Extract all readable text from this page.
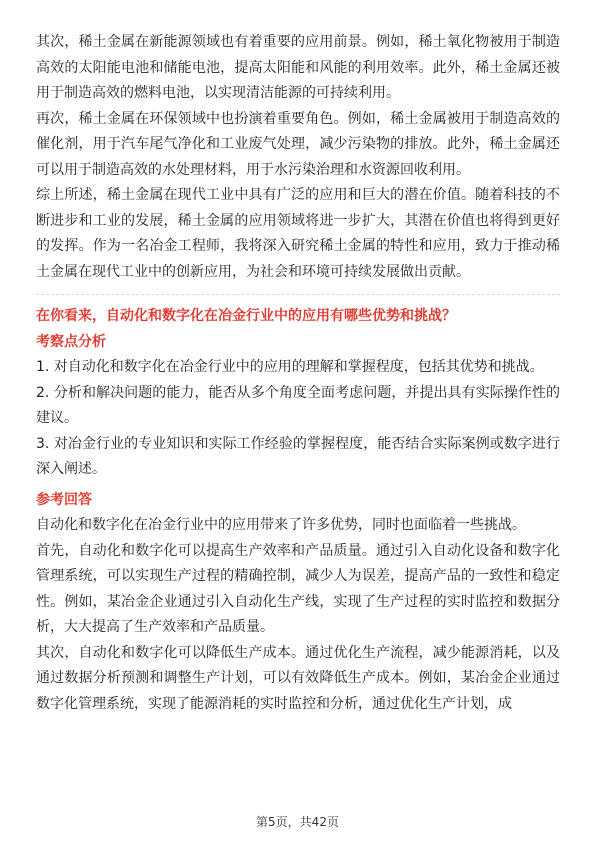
其次，稀土金属在新能源领域也有着重要的应用前景。例如，稀土氧化物被用于制造高效的太阳能电池和储能电池，提高太阳能和风能的利用效率。此外，稀土金属还被用于制造高效的燃料电池，以实现清洁能源的可持续利用。

再次，稀土金属在环保领域中也扮演着重要角色。例如，稀土金属被用于制造高效的催化剂，用于汽车尾气净化和工业废气处理，减少污染物的排放。此外，稀土金属还可以用于制造高效的水处理材料，用于水污染治理和水资源回收利用。

综上所述，稀土金属在现代工业中具有广泛的应用和巨大的潜在价值。随着科技的不断进步和工业的发展，稀土金属的应用领域将进一步扩大，其潜在价值也将得到更好的发挥。作为一名冶金工程师，我将深入研究稀土金属的特性和应用，致力于推动稀土金属在现代工业中的创新应用，为社会和环境可持续发展做出贡献。

在你看来，自动化和数字化在冶金行业中的应用有哪些优势和挑战？

考察点分析

1. 对自动化和数字化在冶金行业中的应用的理解和掌握程度，包括其优势和挑战。

2. 分析和解决问题的能力，能否从多个角度全面考虑问题，并提出具有实际操作性的建议。

3. 对冶金行业的专业知识和实际工作经验的掌握程度，能否结合实际案例或数字进行深入阐述。

参考回答

自动化和数字化在冶金行业中的应用带来了许多优势，同时也面临着一些挑战。

首先，自动化和数字化可以提高生产效率和产品质量。通过引入自动化设备和数字化管理系统，可以实现生产过程的精确控制，减少人为误差，提高产品的一致性和稳定性。例如，某冶金企业通过引入自动化生产线，实现了生产过程的实时监控和数据分析，大大提高了生产效率和产品质量。

其次，自动化和数字化可以降低生产成本。通过优化生产流程，减少能源消耗，以及通过数据分析预测和调整生产计划，可以有效降低生产成本。例如，某冶金企业通过数字化管理系统，实现了能源消耗的实时监控和分析，通过优化生产计划，成

第5页，共42页
